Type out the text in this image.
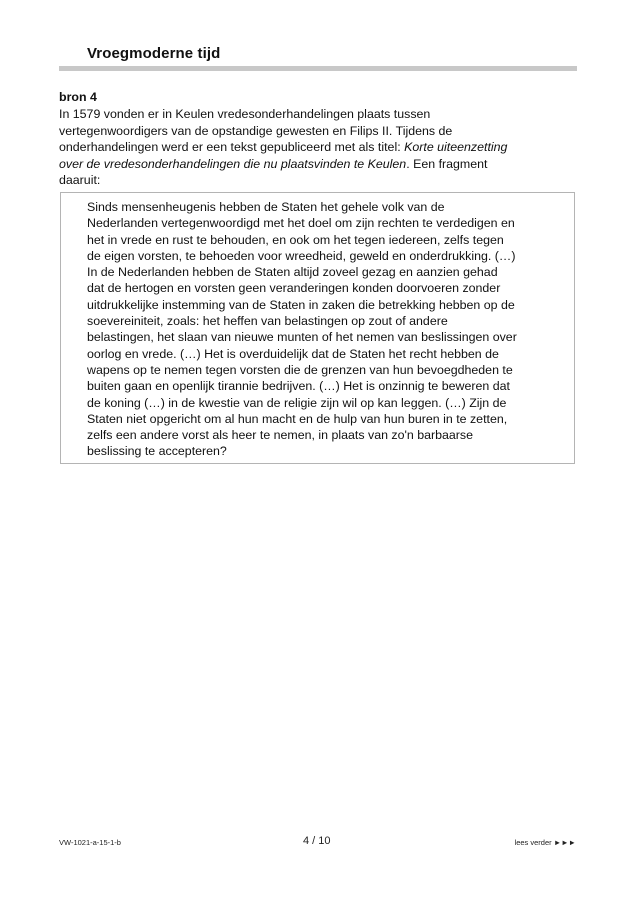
Vroegmoderne tijd
bron 4

In 1579 vonden er in Keulen vredesonderhandelingen plaats tussen
vertegenwoordigers van de opstandige gewesten en Filips II. Tijdens de
onderhandelingen werd er een tekst gepubliceerd met als titel: Korte uiteenzetting
over de vredesonderhandelingen die nu plaatsvinden te Keulen. Een fragment
daaruit:

Sinds mensenheugenis hebben de Staten het gehele volk van de
Nederlanden vertegenwoordigd met het doel om zijn rechten te verdedigen en
het in vrede en rust te behouden, en ook om het tegen iedereen, zelfs tegen
de eigen vorsten, te behoeden voor wreedheid, geweld en onderdrukking. (…)
In de Nederlanden hebben de Staten altijd zoveel gezag en aanzien gehad
dat de hertogen en vorsten geen veranderingen konden doorvoeren zonder
uitdrukkelijke instemming van de Staten in zaken die betrekking hebben op de
soevereiniteit, zoals: het heffen van belastingen op zout of andere
belastingen, het slaan van nieuwe munten of het nemen van beslissingen over
oorlog en vrede. (…) Het is overduidelijk dat de Staten het recht hebben de
wapens op te nemen tegen vorsten die de grenzen van hun bevoegdheden te
buiten gaan en openlijk tirannie bedrijven. (…) Het is onzinnig te beweren dat
de koning (…) in de kwestie van de religie zijn wil op kan leggen. (…) Zijn de
Staten niet opgericht om al hun macht en de hulp van hun buren in te zetten,
zelfs een andere vorst als heer te nemen, in plaats van zo'n barbaarse
beslissing te accepteren?

VW-1021-a-15-1-b	4 / 10	lees verder ►►►
